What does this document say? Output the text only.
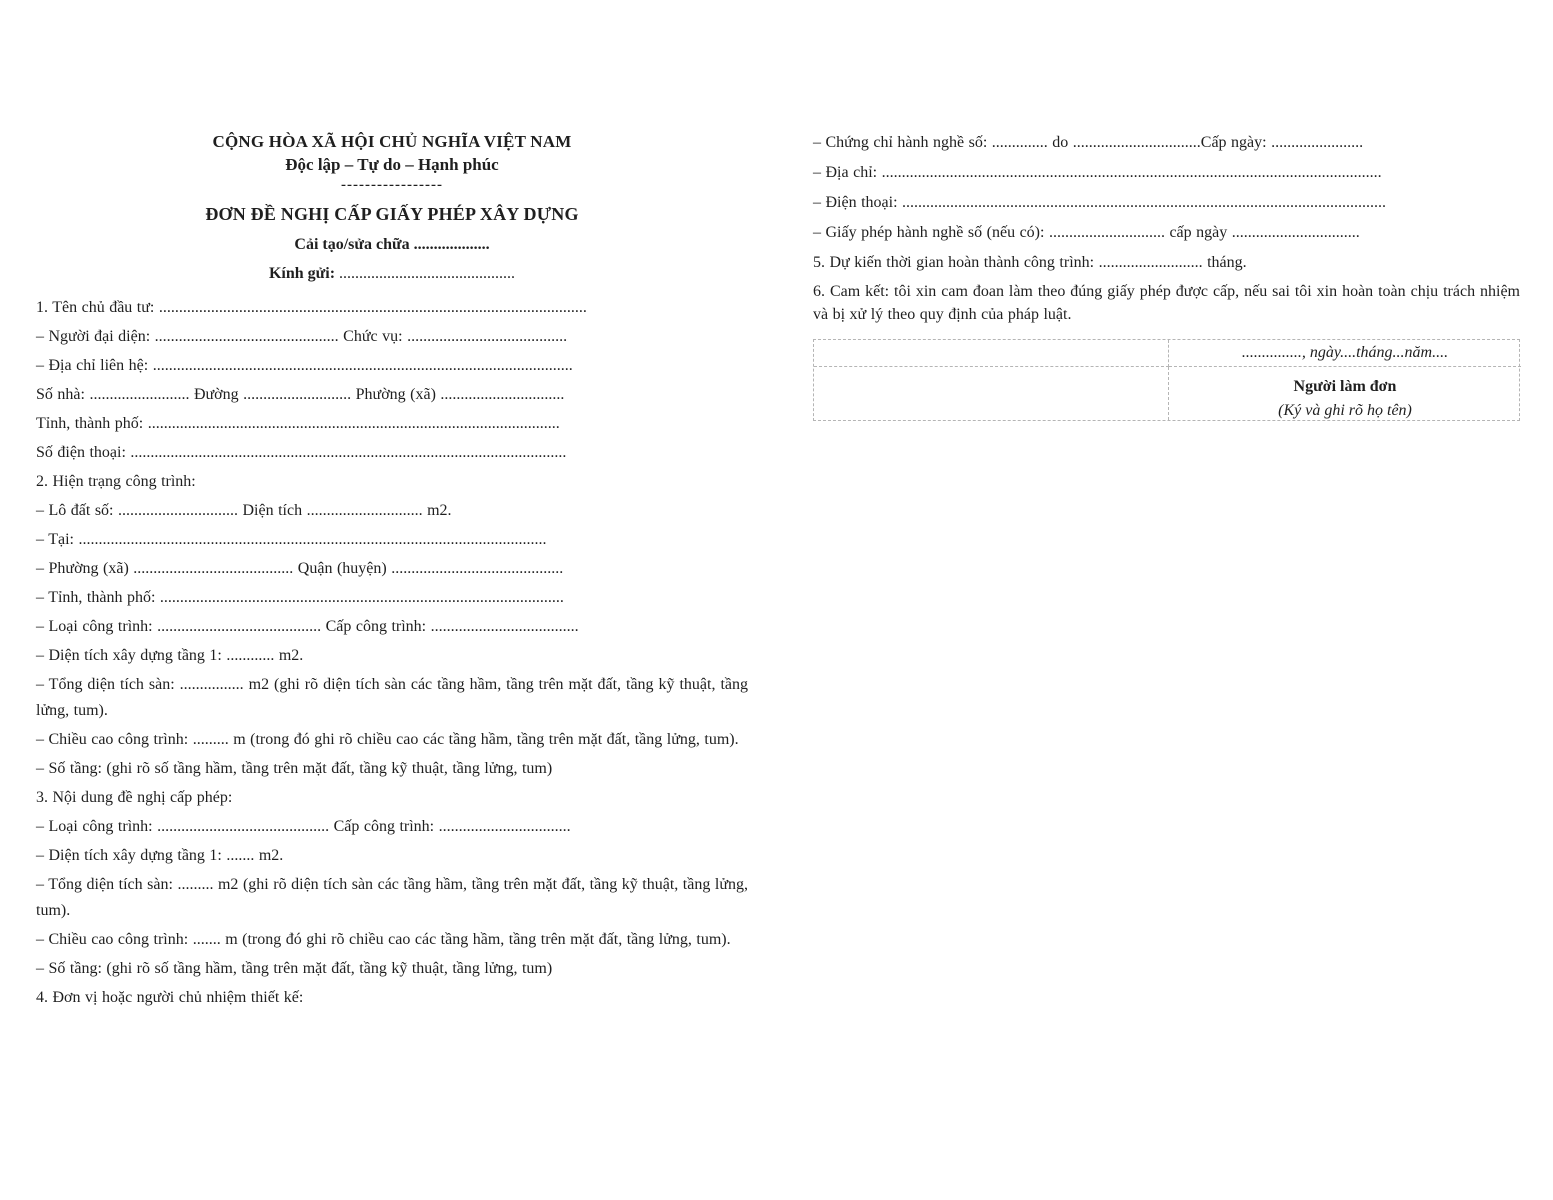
CỘNG HÒA XÃ HỘI CHỦ NGHĨA VIỆT NAM
Độc lập – Tự do – Hạnh phúc
-----------------
ĐƠN ĐỀ NGHỊ CẤP GIẤY PHÉP XÂY DỰNG
Cải tạo/sửa chữa ...................
Kính gửi: ............................................
1. Tên chủ đầu tư: ...........................................................................................................
– Người đại diện: .............................................. Chức vụ: ........................................
– Địa chỉ liên hệ: .........................................................................................................
Số nhà: ......................... Đường ........................... Phường (xã) ...............................
Tỉnh, thành phố: .......................................................................................................
Số điện thoại: .............................................................................................................
2. Hiện trạng công trình:
– Lô đất số: .............................. Diện tích ............................. m2.
– Tại: .....................................................................................................................
– Phường (xã) ........................................ Quận (huyện) ...........................................
– Tỉnh, thành phố: .....................................................................................................
– Loại công trình: ......................................... Cấp công trình: .....................................
– Diện tích xây dựng tầng 1: ............ m2.
– Tổng diện tích sàn: ................ m2 (ghi rõ diện tích sàn các tầng hầm, tầng trên mặt đất, tầng kỹ thuật, tầng lửng, tum).
– Chiều cao công trình: ......... m (trong đó ghi rõ chiều cao các tầng hầm, tầng trên mặt đất, tầng lửng, tum).
– Số tầng: (ghi rõ số tầng hầm, tầng trên mặt đất, tầng kỹ thuật, tầng lửng, tum)
3. Nội dung đề nghị cấp phép:
– Loại công trình: ........................................... Cấp công trình: .................................
– Diện tích xây dựng tầng 1: ....... m2.
– Tổng diện tích sàn: ......... m2 (ghi rõ diện tích sàn các tầng hầm, tầng trên mặt đất, tầng kỹ thuật, tầng lửng, tum).
– Chiều cao công trình: ....... m (trong đó ghi rõ chiều cao các tầng hầm, tầng trên mặt đất, tầng lửng, tum).
– Số tầng: (ghi rõ số tầng hầm, tầng trên mặt đất, tầng kỹ thuật, tầng lửng, tum)
4. Đơn vị hoặc người chủ nhiệm thiết kế:
– Chứng chỉ hành nghề số: .............. do ................................Cấp ngày: .......................
– Địa chỉ: .............................................................................................................................
– Điện thoại: .........................................................................................................................
– Giấy phép hành nghề số (nếu có): ............................. cấp ngày ................................
5. Dự kiến thời gian hoàn thành công trình: .......................... tháng.
6. Cam kết: tôi xin cam đoan làm theo đúng giấy phép được cấp, nếu sai tôi xin hoàn toàn chịu trách nhiệm và bị xử lý theo quy định của pháp luật.
..............., ngày....tháng...năm....
Người làm đơn
(Ký và ghi rõ họ tên)
